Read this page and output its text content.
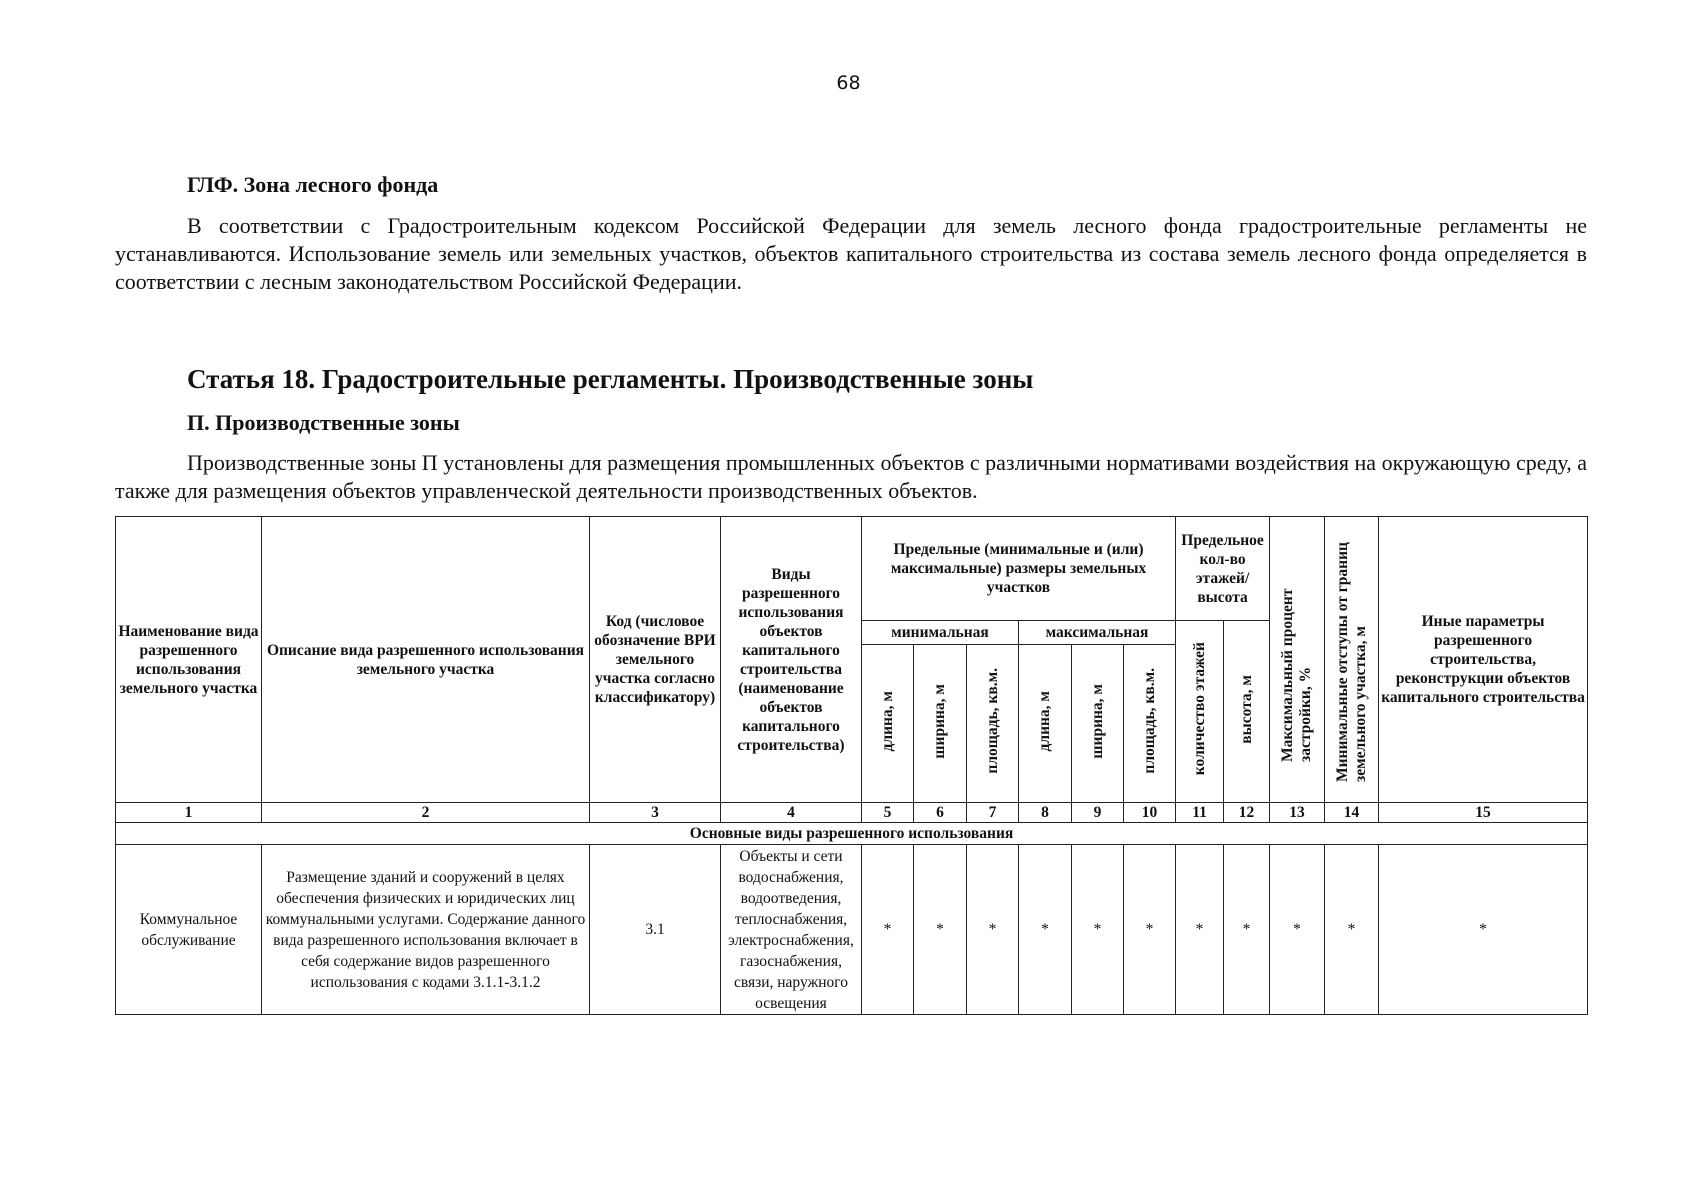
68
ГЛФ. Зона лесного фонда
В соответствии с Градостроительным кодексом Российской Федерации для земель лесного фонда градостроительные регламенты не устанавливаются. Использование земель или земельных участков, объектов капитального строительства из состава земель лесного фонда определяется в соответствии с лесным законодательством Российской Федерации.
Статья 18. Градостроительные регламенты. Производственные зоны
П. Производственные зоны
Производственные зоны П установлены для размещения промышленных объектов с различными нормативами воздействия на окружающую среду, а также для размещения объектов управленческой деятельности производственных объектов.
Наименование вида разрешенного использования земельного участка	Описание вида разрешенного использования земельного участка	Код (числовое обозначение ВРИ земельного участка согласно классификатору)	Виды разрешенного использования объектов капитального строительства (наименование объектов капитального строительства)	Предельные (минимальные и (или) максимальные) размеры земельных участков						Предельное кол-во этажей/ высота		Максимальный процент застройки, %	Минимальные отступы от границ земельного участка, м	Иные параметры разрешенного строительства, реконструкции объектов капитального строительства
				минимальная			максимальная			количество этажей	высота, м			
				длина, м	ширина, м	площадь, кв.м.	длина, м	ширина, м	площадь, кв.м.					
1	2	3	4	5	6	7	8	9	10	11	12	13	14	15
Основные виды разрешенного использования														
Коммунальное обслуживание	Размещение зданий и сооружений в целях обеспечения физических и юридических лиц коммунальными услугами. Содержание данного вида разрешенного использования включает в себя содержание видов разрешенного использования с кодами 3.1.1-3.1.2	3.1	Объекты и сети водоснабжения, водоотведения, теплоснабжения, электроснабжения, газоснабжения, связи, наружного освещения	*	*	*	*	*	*	*	*	*	*	*
